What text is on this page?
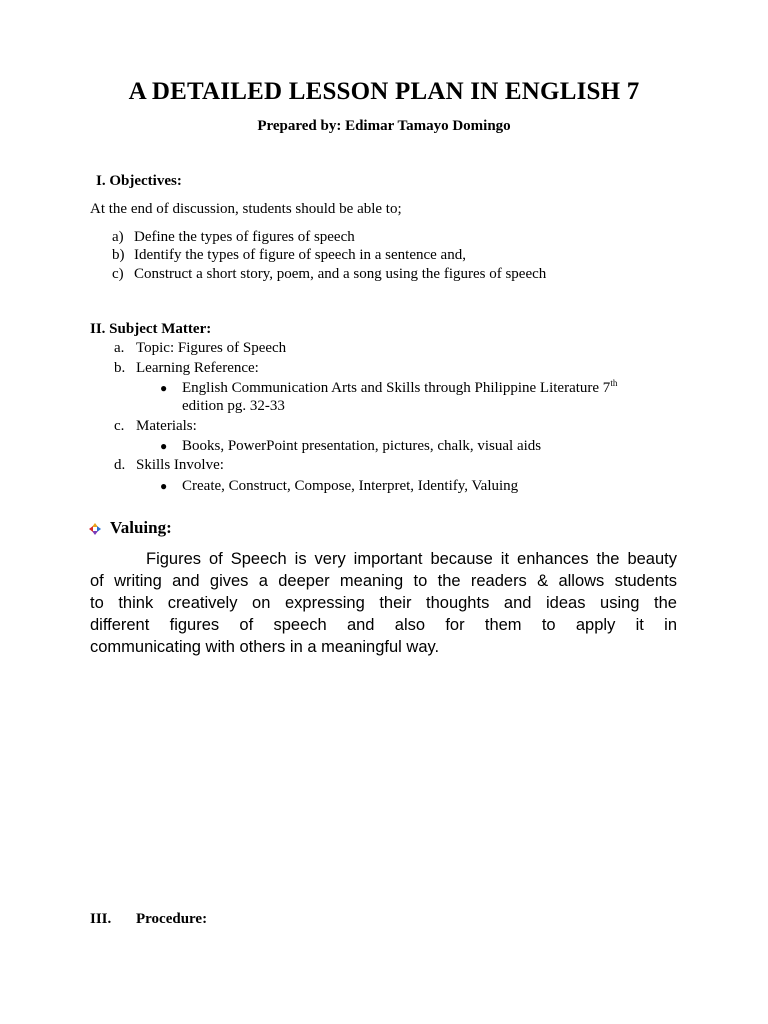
A DETAILED LESSON PLAN IN ENGLISH 7
Prepared by: Edimar Tamayo Domingo
I. Objectives:
At the end of discussion, students should be able to;
a) Define the types of figures of speech
b) Identify the types of figure of speech in a sentence and,
c) Construct a short story, poem, and a song using the figures of speech
II. Subject Matter:
a. Topic: Figures of Speech
b. Learning Reference:
● English Communication Arts and Skills through Philippine Literature 7th
edition pg. 32-33
c. Materials:
● Books, PowerPoint presentation, pictures, chalk, visual aids
d. Skills Involve:
● Create, Construct, Compose, Interpret, Identify, Valuing
Valuing:
Figures of Speech is very important because it enhances the beauty
of writing and gives a deeper meaning to the readers & allows students
to think creatively on expressing their thoughts and ideas using the
different figures of speech and also for them to apply it in
communicating with others in a meaningful way.
III. Procedure:
